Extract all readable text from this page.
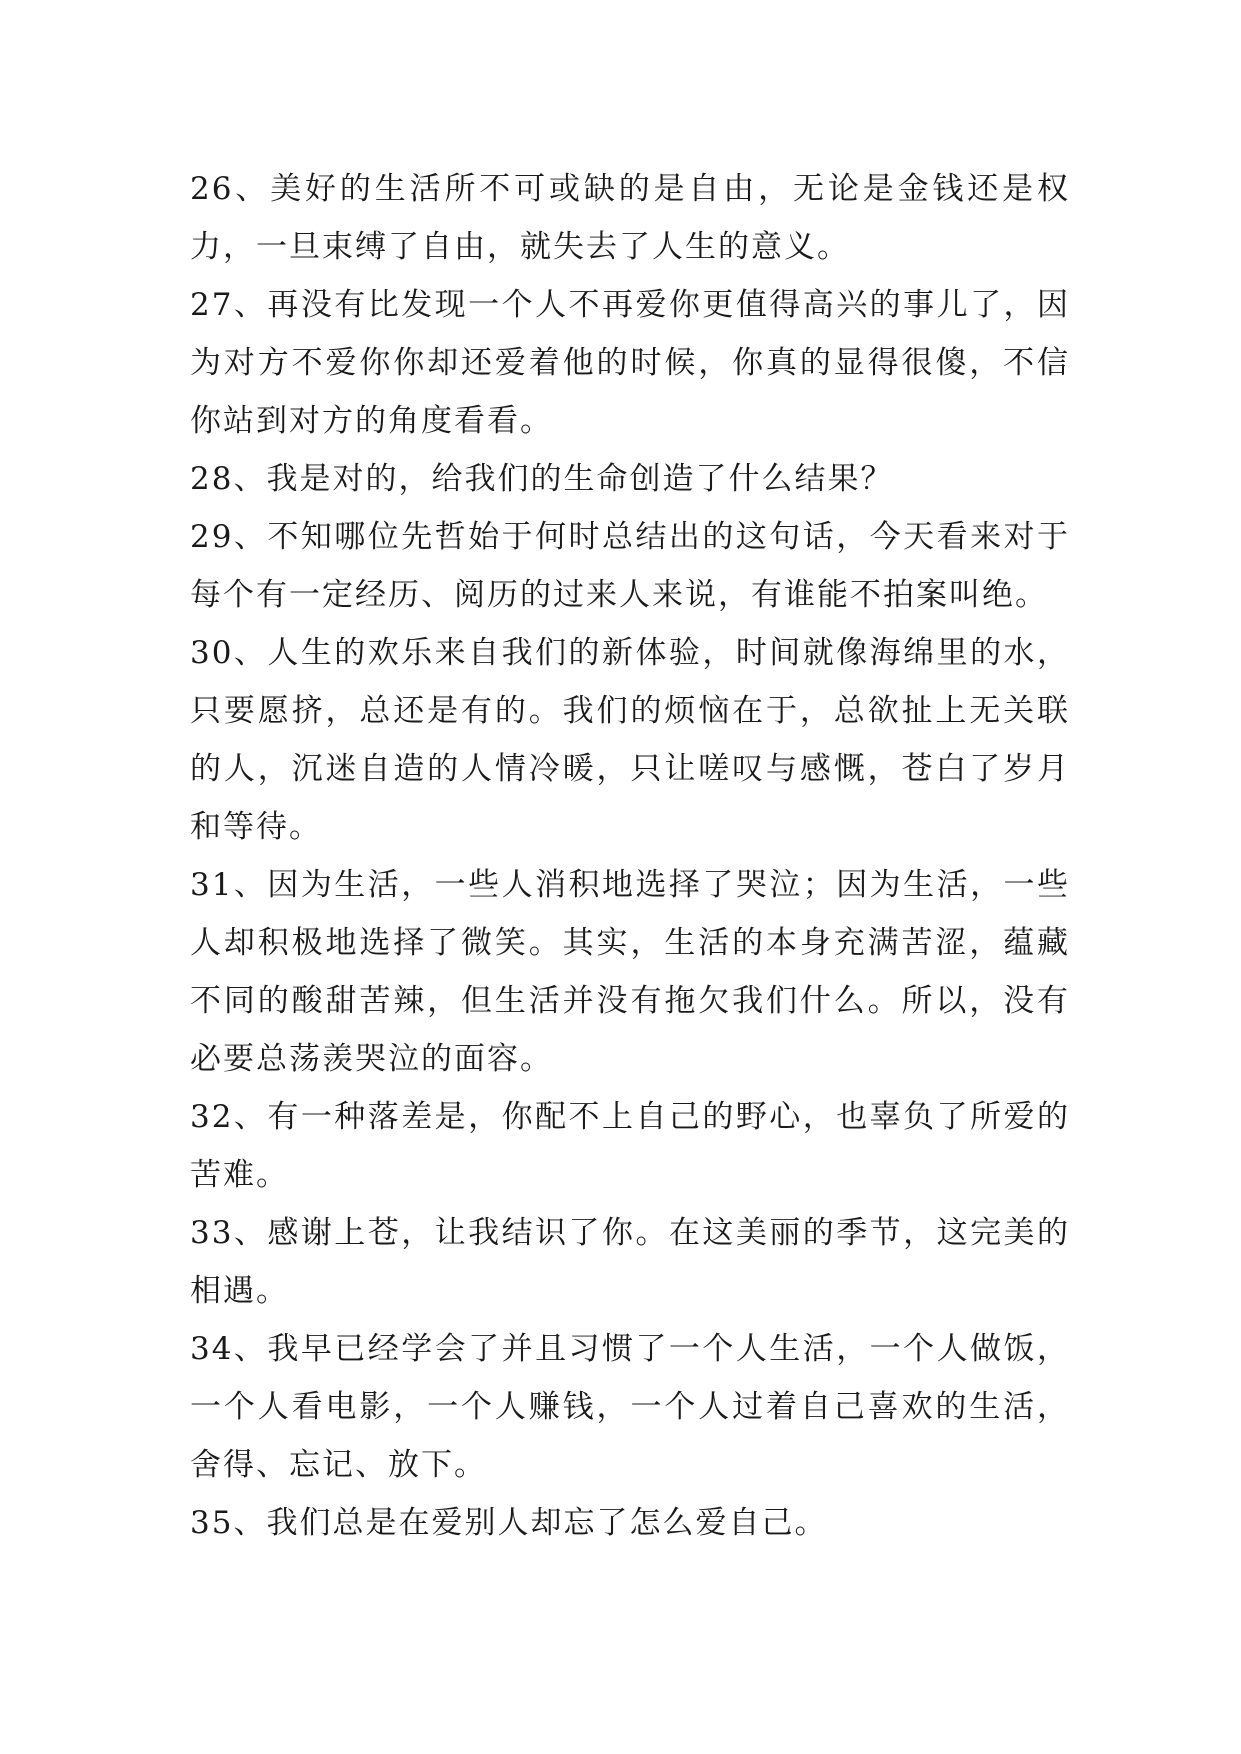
26、美好的生活所不可或缺的是自由，无论是金钱还是权力，一旦束缚了自由，就失去了人生的意义。

27、再没有比发现一个人不再爱你更值得高兴的事儿了，因为对方不爱你你却还爱着他的时候，你真的显得很傻，不信你站到对方的角度看看。

28、我是对的，给我们的生命创造了什么结果？

29、不知哪位先哲始于何时总结出的这句话，今天看来对于每个有一定经历、阅历的过来人来说，有谁能不拍案叫绝。

30、人生的欢乐来自我们的新体验，时间就像海绵里的水，只要愿挤，总还是有的。我们的烦恼在于，总欲扯上无关联的人，沉迷自造的人情冷暖，只让嗟叹与感慨，苍白了岁月和等待。

31、因为生活，一些人消积地选择了哭泣；因为生活，一些人却积极地选择了微笑。其实，生活的本身充满苦涩，蕴藏不同的酸甜苦辣，但生活并没有拖欠我们什么。所以，没有必要总荡羡哭泣的面容。

32、有一种落差是，你配不上自己的野心，也辜负了所爱的苦难。

33、感谢上苍，让我结识了你。在这美丽的季节，这完美的相遇。

34、我早已经学会了并且习惯了一个人生活，一个人做饭，一个人看电影，一个人赚钱，一个人过着自己喜欢的生活，舍得、忘记、放下。

35、我们总是在爱别人却忘了怎么爱自己。
